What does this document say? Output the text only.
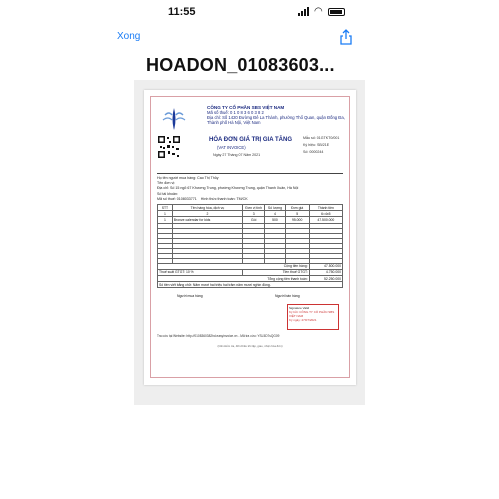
11:55	◠
Xong
HOADON_01083603...
CÔNG TY CỔ PHẦN SBS VIỆT NAM
Mã số thuế: 0 1 0 8 3 6 0 3 8 2
Địa chỉ: Số 1420 Đường Đê La Thành, phường Thổ Quan, quận Đống Đa, Thành phố Hà Nội, Việt Nam
HÓA ĐƠN GIÁ TRỊ GIA TĂNG
(VAT INVOICE)
Ngày 27 Tháng 07 Năm 2021
Mẫu số: 01GTKT0/001
Ký hiệu: SB/21E
Số: 0000244
Họ tên người mua hàng: Cao Thị Thủy
Tên đơn vị:
Địa chỉ: Số 15 ngõ 67 Khương Trung, phường Khương Trung, quận Thanh Xuân, Hà Nội
Số tài khoản:
Mã số thuế: 0108033771 Hình thức thanh toán: TM/CK
STT	Tên hàng hóa, dịch vụ	Đơn vị tính	Số lượng	Đơn giá	Thành tiền
1	2	3	4	5	6=4x5
1	Bronze calendar for kids	Gói	500	95.000	47.500.000

Cộng tiền hàng:					47.500.000
Thuế suất GTGT: 10 %		Tiền thuế GTGT:			4.750.000
Tổng cộng tiền thanh toán:					52.250.000
Số tiền viết bằng chữ: Năm mươi hai triệu hai trăm năm mươi nghìn đồng.					
Người mua hàng	Người bán hàng
Signature Valid
Ký bởi: CÔNG TY CỔ PHẦN SBS VIỆT NAM
Ký ngày: 27/07/2021
Tra cứu tại Website: http://0108360382hd.easyinvoice.vn - Mã tra cứu: YSL5D7sQG09
(Cần kiểm tra, đối chiếu khi lập, giao, nhận hóa đơn)
